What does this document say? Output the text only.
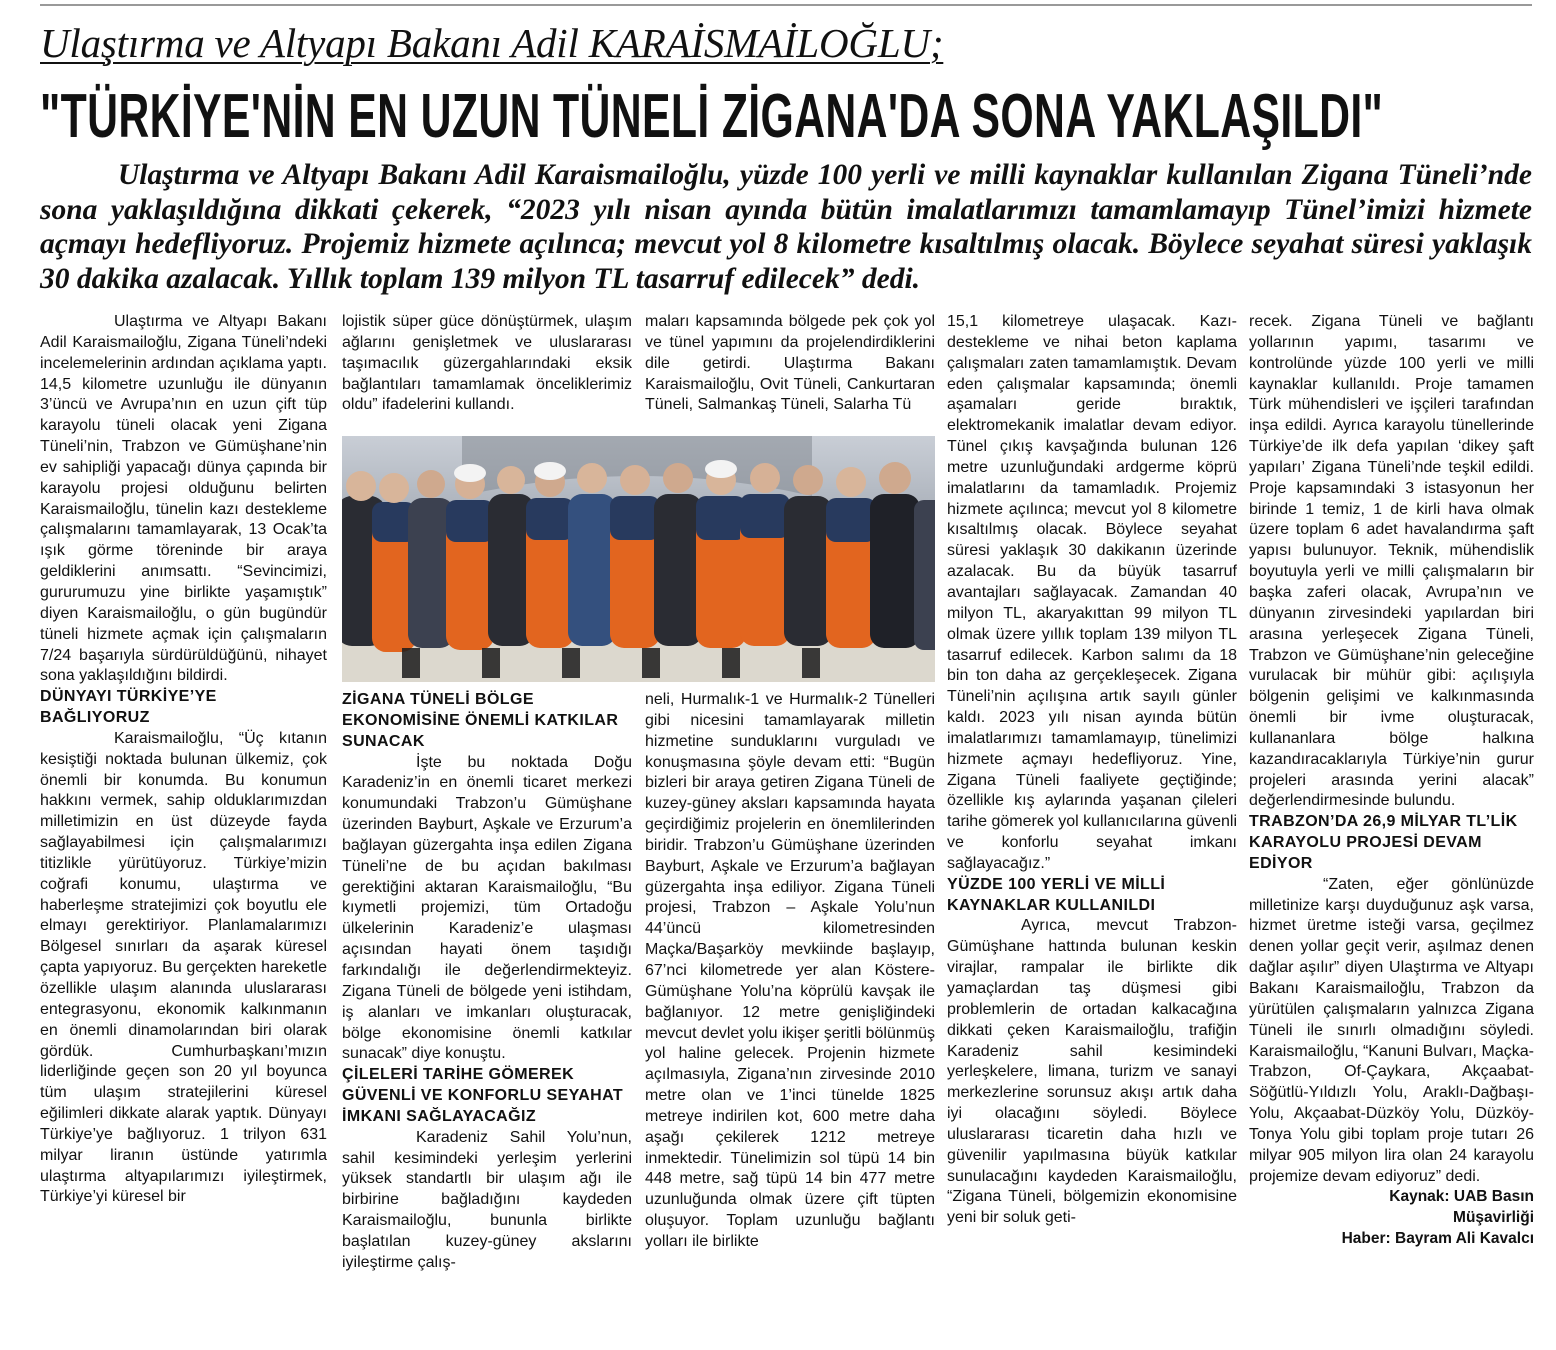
Ulaştırma ve Altyapı Bakanı Adil KARAİSMAİLOĞLU;
"TÜRKİYE'NİN EN UZUN TÜNELİ ZİGANA'DA SONA YAKLAŞILDI"

Ulaştırma ve Altyapı Bakanı Adil Karaismailoğlu, yüzde 100 yerli ve milli kaynaklar kullanılan Zigana Tüneli’nde sona yaklaşıldığına dikkati çekerek, “2023 yılı nisan ayında bütün imalatlarımızı tamamlamayıp Tünel’imizi hizmete açmayı hedefliyoruz. Projemiz hizmete açılınca; mevcut yol 8 kilometre kısaltılmış olacak. Böylece seyahat süresi yaklaşık 30 dakika azalacak. Yıllık toplam 139 milyon TL tasarruf edilecek” dedi.

Ulaştırma ve Altyapı Bakanı Adil Karaismailoğlu, Zigana Tüneli’ndeki incelemelerinin ardından açıklama yaptı. 14,5 kilometre uzunluğu ile dünyanın 3’üncü ve Avrupa’nın en uzun çift tüp karayolu tüneli olacak yeni Zigana Tüneli’nin, Trabzon ve Gümüşhane’nin ev sahipliği yapacağı dünya çapında bir karayolu projesi olduğunu belirten Karaismailoğlu, tünelin kazı destekleme çalışmalarını tamamlayarak, 13 Ocak’ta ışık görme töreninde bir araya geldiklerini anımsattı. “Sevincimizi, gururumuzu yine birlikte yaşamıştık” diyen Karaismailoğlu, o gün bugündür tüneli hizmete açmak için çalışmaların 7/24 başarıyla sürdürüldüğünü, nihayet sona yaklaşıldığını bildirdi.

DÜNYAYI TÜRKİYE’YE BAĞLIYORUZ

Karaismailoğlu, “Üç kıtanın kesiştiği noktada bulunan ülkemiz, çok önemli bir konumda. Bu konumun hakkını vermek, sahip olduklarımızdan milletimizin en üst düzeyde fayda sağlayabilmesi için çalışmalarımızı titizlikle yürütüyoruz. Türkiye’mizin coğrafi konumu, ulaştırma ve haberleşme stratejimizi çok boyutlu ele elmayı gerektiriyor. Planlamalarımızı Bölgesel sınırları da aşarak küresel çapta yapıyoruz. Bu gerçekten hareketle özellikle ulaşım alanında uluslararası entegrasyonu, ekonomik kalkınmanın en önemli dinamolarından biri olarak gördük. Cumhurbaşkanı’mızın liderliğinde geçen son 20 yıl boyunca tüm ulaşım stratejilerini küresel eğilimleri dikkate alarak yaptık. Dünyayı Türkiye’ye bağlıyoruz. 1 trilyon 631 milyar liranın üstünde yatırımla ulaştırma altyapılarımızı iyileştirmek, Türkiye’yi küresel bir

lojistik süper güce dönüştürmek, ulaşım ağlarını genişletmek ve uluslararası taşımacılık güzergahlarındaki eksik bağlantıları tamamlamak önceliklerimiz oldu” ifadelerini kullandı.

maları kapsamında bölgede pek çok yol ve tünel yapımını da projelendirdiklerini dile getirdi. Ulaştırma Bakanı Karaismailoğlu, Ovit Tüneli, Cankurtaran Tüneli, Salmankaş Tüneli, Salarha Tü

ZİGANA TÜNELİ BÖLGE EKONOMİSİNE ÖNEMLİ KATKILAR SUNACAK

İşte bu noktada Doğu Karadeniz’in en önemli ticaret merkezi konumundaki Trabzon’u Gümüşhane üzerinden Bayburt, Aşkale ve Erzurum’a bağlayan güzergahta inşa edilen Zigana Tüneli’ne de bu açıdan bakılması gerektiğini aktaran Karaismailoğlu, “Bu kıymetli projemizi, tüm Ortadoğu ülkelerinin Karadeniz’e ulaşması açısından hayati önem taşıdığı farkındalığı ile değerlendirmekteyiz. Zigana Tüneli de bölgede yeni istihdam, iş alanları ve imkanları oluşturacak, bölge ekonomisine önemli katkılar sunacak” diye konuştu.

ÇİLELERİ TARİHE GÖMEREK GÜVENLİ VE KONFORLU SEYAHAT İMKANI SAĞLAYACAĞIZ

Karadeniz Sahil Yolu’nun, sahil kesimindeki yerleşim yerlerini yüksek standartlı bir ulaşım ağı ile birbirine bağladığını kaydeden Karaismailoğlu, bununla birlikte başlatılan kuzey-güney akslarını iyileştirme çalış-

neli, Hurmalık-1 ve Hurmalık-2 Tünelleri gibi nicesini tamamlayarak milletin hizmetine sunduklarını vurguladı ve konuşmasına şöyle devam etti: “Bugün bizleri bir araya getiren Zigana Tüneli de kuzey-güney aksları kapsamında hayata geçirdiğimiz projelerin en önemlilerinden biridir. Trabzon’u Gümüşhane üzerinden Bayburt, Aşkale ve Erzurum’a bağlayan güzergahta inşa ediliyor. Zigana Tüneli projesi, Trabzon – Aşkale Yolu’nun 44’üncü kilometresinden Maçka/Başarköy mevkiinde başlayıp, 67’nci kilometrede yer alan Köstere-Gümüşhane Yolu’na köprülü kavşak ile bağlanıyor. 12 metre genişliğindeki mevcut devlet yolu ikişer şeritli bölünmüş yol haline gelecek. Projenin hizmete açılmasıyla, Zigana’nın zirvesinde 2010 metre olan ve 1’inci tünelde 1825 metreye indirilen kot, 600 metre daha aşağı çekilerek 1212 metreye inmektedir. Tünelimizin sol tüpü 14 bin 448 metre, sağ tüpü 14 bin 477 metre uzunluğunda olmak üzere çift tüpten oluşuyor. Toplam uzunluğu bağlantı yolları ile birlikte

15,1 kilometreye ulaşacak. Kazı-destekleme ve nihai beton kaplama çalışmaları zaten tamamlamıştık. Devam eden çalışmalar kapsamında; önemli aşamaları geride bıraktık, elektromekanik imalatlar devam ediyor. Tünel çıkış kavşağında bulunan 126 metre uzunluğundaki ardgerme köprü imalatlarını da tamamladık. Projemiz hizmete açılınca; mevcut yol 8 kilometre kısaltılmış olacak. Böylece seyahat süresi yaklaşık 30 dakikanın üzerinde azalacak. Bu da büyük tasarruf avantajları sağlayacak. Zamandan 40 milyon TL, akaryakıttan 99 milyon TL olmak üzere yıllık toplam 139 milyon TL tasarruf edilecek. Karbon salımı da 18 bin ton daha az gerçekleşecek. Zigana Tüneli’nin açılışına artık sayılı günler kaldı. 2023 yılı nisan ayında bütün imalatlarımızı tamamlamayıp, tünelimizi hizmete açmayı hedefliyoruz. Yine, Zigana Tüneli faaliyete geçtiğinde; özellikle kış aylarında yaşanan çileleri tarihe gömerek yol kullanıcılarına güvenli ve konforlu seyahat imkanı sağlayacağız.”

YÜZDE 100 YERLİ VE MİLLİ KAYNAKLAR KULLANILDI

Ayrıca, mevcut Trabzon-Gümüşhane hattında bulunan keskin virajlar, rampalar ile birlikte dik yamaçlardan taş düşmesi gibi problemlerin de ortadan kalkacağına dikkati çeken Karaismailoğlu, trafiğin Karadeniz sahil kesimindeki yerleşkelere, limana, turizm ve sanayi merkezlerine sorunsuz akışı artık daha iyi olacağını söyledi. Böylece uluslararası ticaretin daha hızlı ve güvenilir yapılmasına büyük katkılar sunulacağını kaydeden Karaismailoğlu, “Zigana Tüneli, bölgemizin ekonomisine yeni bir soluk geti-

recek. Zigana Tüneli ve bağlantı yollarının yapımı, tasarımı ve kontrolünde yüzde 100 yerli ve milli kaynaklar kullanıldı. Proje tamamen Türk mühendisleri ve işçileri tarafından inşa edildi. Ayrıca karayolu tünellerinde Türkiye’de ilk defa yapılan ‘dikey şaft yapıları’ Zigana Tüneli’nde teşkil edildi. Proje kapsamındaki 3 istasyonun her birinde 1 temiz, 1 de kirli hava olmak üzere toplam 6 adet havalandırma şaft yapısı bulunuyor. Teknik, mühendislik boyutuyla yerli ve milli çalışmaların bir başka zaferi olacak, Avrupa’nın ve dünyanın zirvesindeki yapılardan biri arasına yerleşecek Zigana Tüneli, Trabzon ve Gümüşhane’nin geleceğine vurulacak bir mühür gibi: açılışıyla bölgenin gelişimi ve kalkınmasında önemli bir ivme oluşturacak, kullananlara bölge halkına kazandıracaklarıyla Türkiye’nin gurur projeleri arasında yerini alacak” değerlendirmesinde bulundu.

TRABZON’DA 26,9 MİLYAR TL’LİK KARAYOLU PROJESİ DEVAM EDİYOR

“Zaten, eğer gönlünüzde milletinize karşı duyduğunuz aşk varsa, hizmet üretme isteği varsa, geçilmez denen yollar geçit verir, aşılmaz denen dağlar aşılır” diyen Ulaştırma ve Altyapı Bakanı Karaismailoğlu, Trabzon da yürütülen çalışmaların yalnızca Zigana Tüneli ile sınırlı olmadığını söyledi. Karaismailoğlu, “Kanuni Bulvarı, Maçka- Trabzon, Of-Çaykara, Akçaabat-Söğütlü-Yıldızlı Yolu, Araklı-Dağbaşı-Yolu, Akçaabat-Düzköy Yolu, Düzköy-Tonya Yolu gibi toplam proje tutarı 26 milyar 905 milyon lira olan 24 karayolu projemize devam ediyoruz” dedi.

Kaynak: UAB Basın Müşavirliği

Haber: Bayram Ali Kavalcı
